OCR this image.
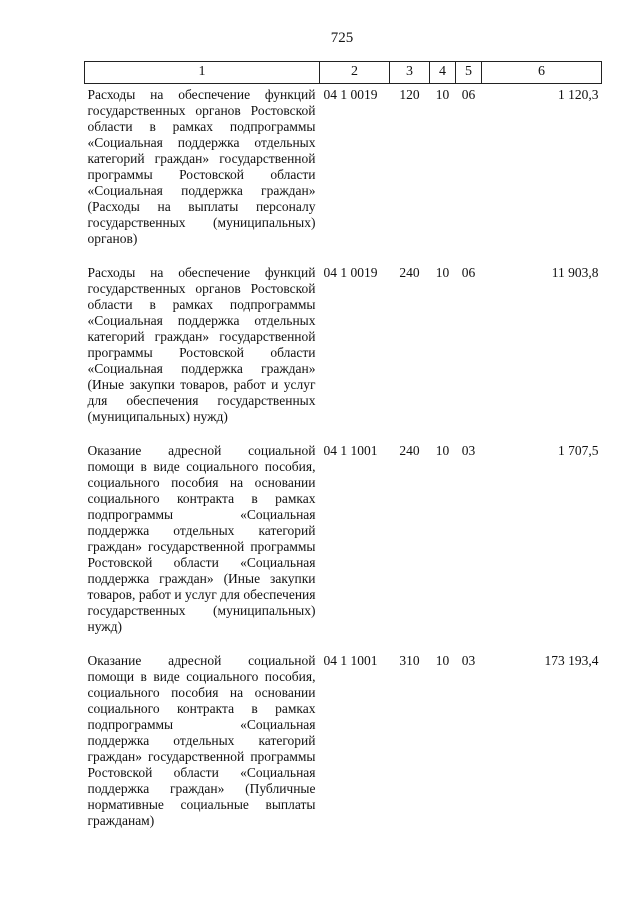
725
1	2	3	4	5	6
Расходы на обеспечение функций государственных органов Ростовской области в рамках подпрограммы «Социальная поддержка отдельных категорий граждан» государственной программы Ростовской области «Социальная поддержка граждан» (Расходы на выплаты персоналу государственных (муниципальных) органов)	04 1 0019	120	10	06	1 120,3
Расходы на обеспечение функций государственных органов Ростовской области в рамках подпрограммы «Социальная поддержка отдельных категорий граждан» государственной программы Ростовской области «Социальная поддержка граждан» (Иные закупки товаров, работ и услуг для обеспечения государственных (муниципальных) нужд)	04 1 0019	240	10	06	11 903,8
Оказание адресной социальной помощи в виде социального пособия, социального пособия на основании социального контракта в рамках подпрограммы «Социальная поддержка отдельных категорий граждан» государственной программы Ростовской области «Социальная поддержка граждан» (Иные закупки товаров, работ и услуг для обеспечения государственных (муниципальных) нужд)	04 1 1001	240	10	03	1 707,5
Оказание адресной социальной помощи в виде социального пособия, социального пособия на основании социального контракта в рамках подпрограммы «Социальная поддержка отдельных категорий граждан» государственной программы Ростовской области «Социальная поддержка граждан» (Публичные нормативные социальные выплаты гражданам)	04 1 1001	310	10	03	173 193,4
